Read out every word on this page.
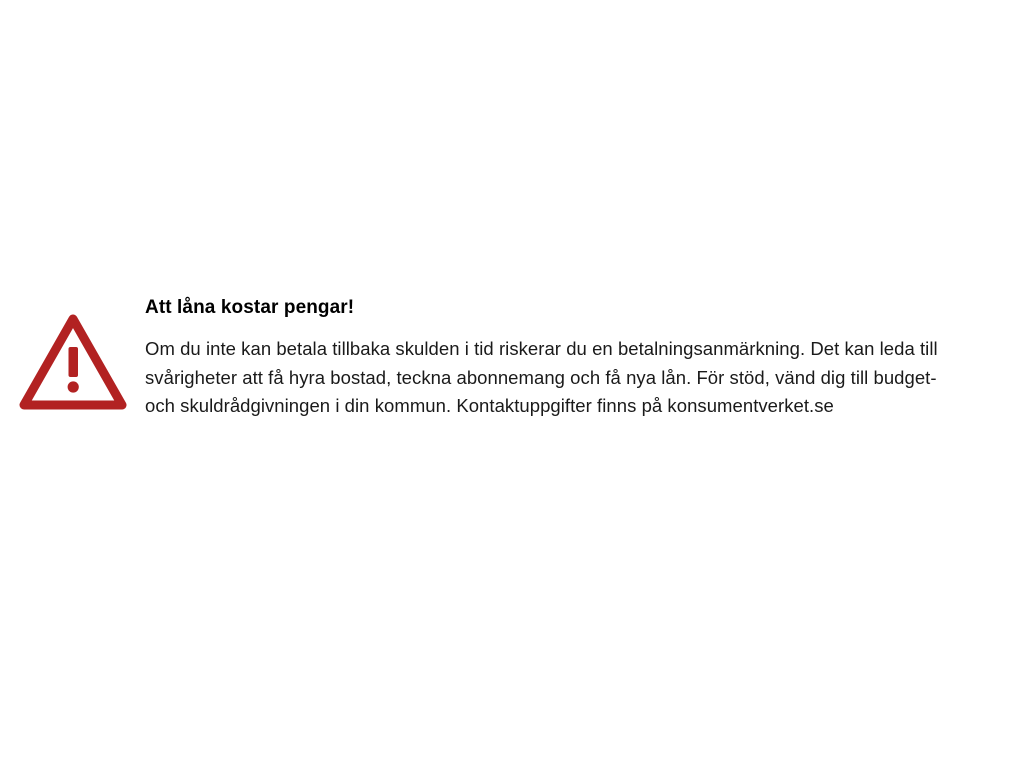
Att låna kostar pengar!

Om du inte kan betala tillbaka skulden i tid riskerar du en betalningsanmärkning. Det kan leda till svårigheter att få hyra bostad, teckna abonnemang och få nya lån. För stöd, vänd dig till budget- och skuldrådgivningen i din kommun. Kontaktuppgifter finns på konsumentverket.se
